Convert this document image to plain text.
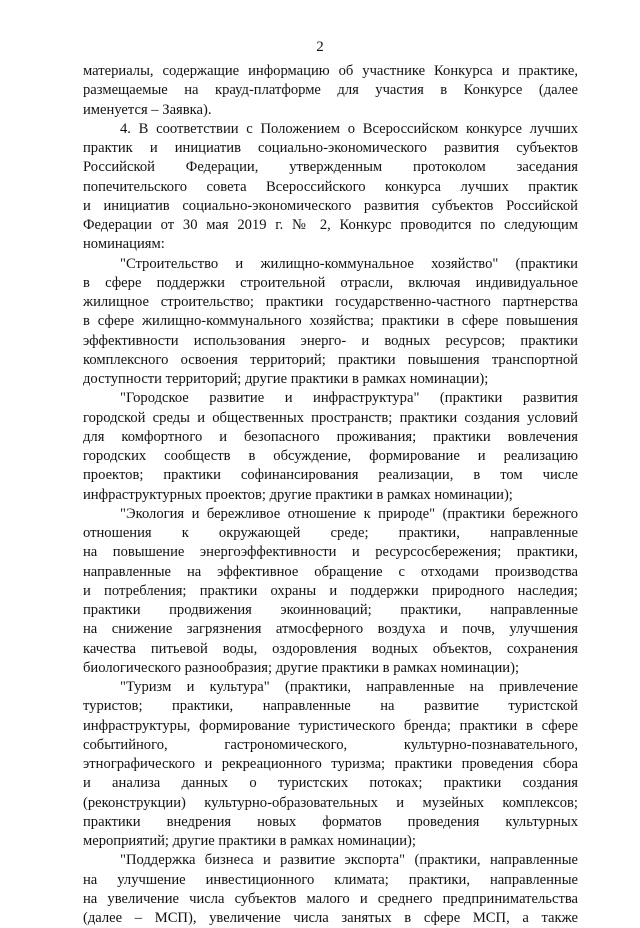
2
материалы, содержащие информацию об участнике Конкурса и практике,
размещаемые на крауд-платформе для участия в Конкурсе (далее
именуется – Заявка).
4. В соответствии с Положением о Всероссийском конкурсе лучших
практик и инициатив социально-экономического развития субъектов
Российской Федерации, утвержденным протоколом заседания
попечительского совета Всероссийского конкурса лучших практик
и инициатив социально-экономического развития субъектов Российской
Федерации от 30 мая 2019 г. № 2, Конкурс проводится по следующим
номинациям:
"Строительство и жилищно-коммунальное хозяйство" (практики
в сфере поддержки строительной отрасли, включая индивидуальное
жилищное строительство; практики государственно-частного партнерства
в сфере жилищно-коммунального хозяйства; практики в сфере повышения
эффективности использования энерго- и водных ресурсов; практики
комплексного освоения территорий; практики повышения транспортной
доступности территорий; другие практики в рамках номинации);
"Городское развитие и инфраструктура" (практики развития
городской среды и общественных пространств; практики создания условий
для комфортного и безопасного проживания; практики вовлечения
городских сообществ в обсуждение, формирование и реализацию
проектов; практики софинансирования реализации, в том числе
инфраструктурных проектов; другие практики в рамках номинации);
"Экология и бережливое отношение к природе" (практики бережного
отношения к окружающей среде; практики, направленные
на повышение энергоэффективности и ресурсосбережения; практики,
направленные на эффективное обращение с отходами производства
и потребления; практики охраны и поддержки природного наследия;
практики продвижения экоинноваций; практики, направленные
на снижение загрязнения атмосферного воздуха и почв, улучшения
качества питьевой воды, оздоровления водных объектов, сохранения
биологического разнообразия; другие практики в рамках номинации);
"Туризм и культура" (практики, направленные на привлечение
туристов; практики, направленные на развитие туристской
инфраструктуры, формирование туристического бренда; практики в сфере
событийного, гастрономического, культурно-познавательного,
этнографического и рекреационного туризма; практики проведения сбора
и анализа данных о туристских потоках; практики создания
(реконструкции) культурно-образовательных и музейных комплексов;
практики внедрения новых форматов проведения культурных
мероприятий; другие практики в рамках номинации);
"Поддержка бизнеса и развитие экспорта" (практики, направленные
на улучшение инвестиционного климата; практики, направленные
на увеличение числа субъектов малого и среднего предпринимательства
(далее – МСП), увеличение числа занятых в сфере МСП, а также
